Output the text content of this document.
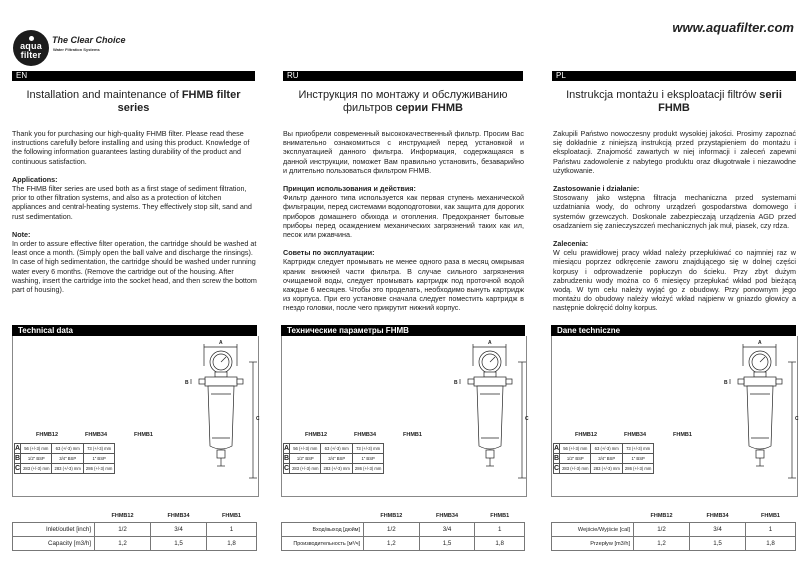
aqua
filter
The Clear Choice
Water Filtration Systems
www.aquafilter.com
EN	RU	PL
Installation and maintenance of FHMB filter series
Инструкция по монтажу и обслуживанию фильтров серии FHMB
Instrukcja montażu i eksploatacji filtrów serii FHMB

Thank you for purchasing our high-quality FHMB filter. Please read these instructions carefully before installing and using this product. Knowledge of the following information guarantees lasting durability of the product and continuous satisfaction.

Applications:

The FHMB filter series are used both as a first stage of sediment filtration, prior to other filtration systems, and also as a protection of kitchen appliances and central-heating systems. They effectively stop silt, sand and rust sedimentation.

Note:

In order to assure effective filter operation, the cartridge should be washed at least once a month. (Simply open the ball valve and discharge the rinsings). In case of high sedimentation, the cartridge should be washed under running water every 6 months. (Remove the cartridge out of the housing. After washing, insert the cartridge into the socket head, and then screw the bottom part of housing).

Вы приобрели современный высококачественный фильтр. Просим Вас внимательно ознакомиться с инструкцией перед установкой и эксплуатацией данного фильтра. Информация, содержащаяся в данной инструкции, поможет Вам правильно установить, безаварийно и длительно пользоваться фильтром FHMB.

Принцип использования и действия:

Фильтр данного типа используется как первая ступень механической фильтрации, перед системами водоподготовки, как защита для дорогих приборов домашнего обихода и отопления. Предохраняет бытовые приборы перед осаждением механических загрязнений таких как ил, песок или ржавчина.

Советы по эксплуатации:

Картридж следует промывать не менее одного раза в месяц омкрывая краник внижней части фильтра. В случае сильного загрязнения очищаемой воды, следует промывать картридж под проточной водой каждые 6 месяцев. Чтобы это проделать, необходимо вынуть картридж из корпуса. При его установке сначала следует поместить картридж в гнездо головки, после чего прикрутит нижний корпус.

Zakupili Państwo nowoczesny produkt wysokiej jakości. Prosimy zapoznać się dokładnie z niniejszą instrukcją przed przystąpieniem do montażu i eksploatacji. Znajomość zawartych w niej informacji i zaleceń zapewni Państwu zadowolenie z nabytego produktu oraz długotrwałe i niezawodne użytkowanie.

Zastosowanie i działanie:

Stosowany jako wstępna filtracja mechaniczna przed systemami uzdatniania wody, do ochrony urządzeń gospodarstwa domowego i systemów grzewczych. Doskonale zabezpieczają urządzenia AGD przed osadzaniem się zanieczyszczeń mechanicznych jak muł, piasek, czy rdza.

Zalecenia:

W celu prawidłowej pracy wkład należy przepłukiwać co najmniej raz w miesiącu poprzez odkręcenie zaworu znajdującego się w dolnej części korpusy i odprowadzenie popłuczyn do ścieku. Przy zbyt dużym zabrudzeniu wody można co 6 miesięcy przepłukać wkład pod bieżącą wodą. W tym celu należy wyjąć go z obudowy. Przy ponownym jego montażu do obudowy należy włożyć wkład najpierw w gniazdo głowicy a następnie dokręcić dolny korpus.

Technical data	Технические параметры FHMB	Dane techniczne
FHMB12	FHMB34	FHMB1
A	56 (+/-3) mm	63 (+/-3) mm	73 (+/-3) mm
B	1/2" BSP	3/4" BSP	1" BSP
C	283 (+/-3) mm	283 (+/-3) mm	286 (+/-3) mm
A
B
C
	FHMB12	FHMB34	FHMB1
Inlet/outlet [inch]	1/2	3/4	1
Capacity [m3/h]	1,2	1,5	1,8
FHMB12	FHMB34	FHMB1
A	56 (+/-3) mm	63 (+/-3) mm	73 (+/-3) mm
B	1/2" BSP	3/4" BSP	1" BSP
C	283 (+/-3) mm	283 (+/-3) mm	286 (+/-3) mm
A
B
C
	FHMB12	FHMB34	FHMB1
Вход/выход [дюйм]	1/2	3/4	1
Производительность [м³/ч]	1,2	1,5	1,8
FHMB12	FHMB34	FHMB1
A	56 (+/-3) mm	63 (+/-3) mm	73 (+/-3) mm
B	1/2" BSP	3/4" BSP	1" BSP
C	283 (+/-3) mm	283 (+/-3) mm	286 (+/-3) mm
A
B
C
	FHMB12	FHMB34	FHMB1
Wejście/Wyjście [cal]	1/2	3/4	1
Przepływ [m3/h]	1,2	1,5	1,8
